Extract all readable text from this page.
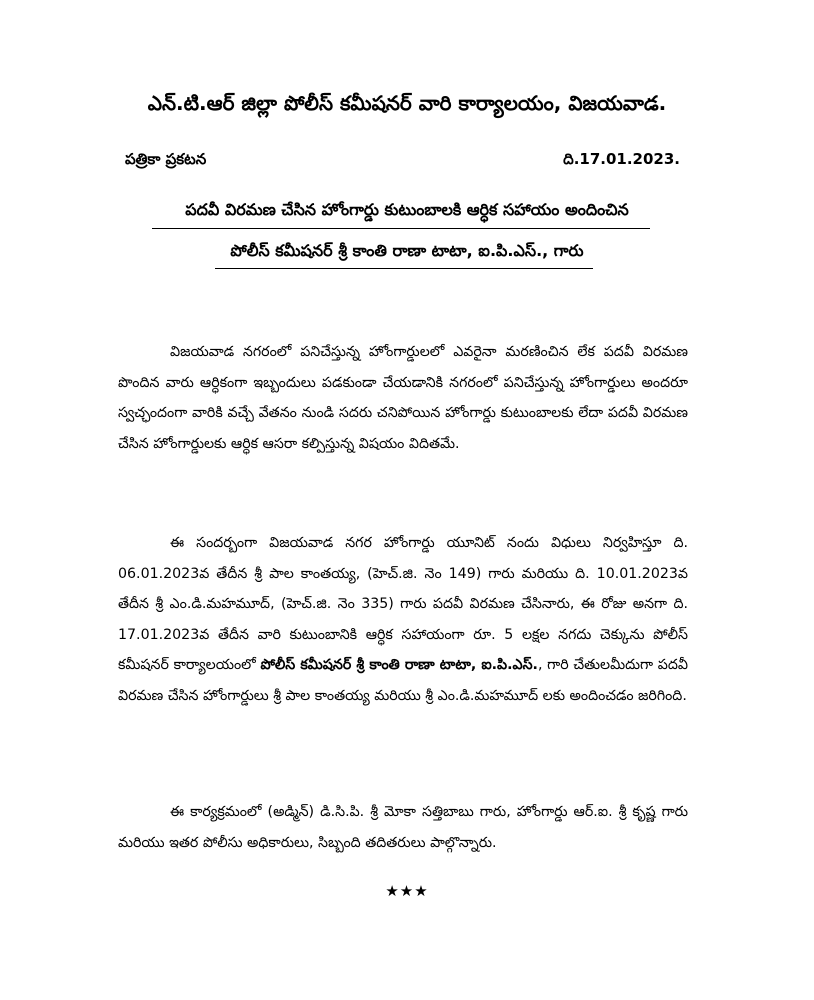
ఎన్.టి.ఆర్ జిల్లా పోలీస్ కమీషనర్ వారి కార్యాలయం, విజయవాడ.
పత్రికా ప్రకటన	ది.17.01.2023.
పదవీ విరమణ చేసిన హోంగార్డు కుటుంబాలకి ఆర్ధిక సహాయం అందించిన
పోలీస్ కమీషనర్ శ్రీ కాంతి రాణా టాటా, ఐ.పి.ఎస్., గారు
విజయవాడ నగరంలో పనిచేస్తున్న హోంగార్డులలో ఎవరైనా మరణించిన లేక పదవీ విరమణ పొందిన వారు ఆర్ధికంగా ఇబ్బందులు పడకుండా చేయడానికి నగరంలో పనిచేస్తున్న హోంగార్డులు అందరూ స్వచ్ఛందంగా వారికి వచ్చే వేతనం నుండి సదరు చనిపోయిన హోంగార్డు కుటుంబాలకు లేదా పదవీ విరమణ చేసిన హోంగార్డులకు ఆర్ధిక ఆసరా కల్పిస్తున్న విషయం విదితమే.
ఈ సందర్బంగా విజయవాడ నగర హోంగార్డు యూనిట్ నందు విధులు నిర్వహిస్తూ ది. 06.01.2023వ తేదీన శ్రీ పాల కాంతయ్య, (హెచ్.జి. నెం 149) గారు మరియు ది. 10.01.2023వ తేదీన శ్రీ ఎం.డి.మహమూద్, (హెచ్.జి. నెం 335) గారు పదవీ విరమణ చేసినారు, ఈ రోజు అనగా ది. 17.01.2023వ తేదీన వారి కుటుంబానికి ఆర్ధిక సహాయంగా రూ. 5 లక్షల నగదు చెక్కును పోలీస్ కమీషనర్ కార్యాలయంలో పోలీస్ కమీషనర్ శ్రీ కాంతి రాణా టాటా, ఐ.పి.ఎస్., గారి చేతులమీదుగా పదవీ విరమణ చేసిన హోంగార్డులు శ్రీ పాల కాంతయ్య మరియు శ్రీ ఎం.డి.మహమూద్ లకు అందించడం జరిగింది.
ఈ కార్యక్రమంలో (అడ్మిన్) డి.సి.పి. శ్రీ మోకా సత్తిబాబు గారు, హోంగార్డు ఆర్.ఐ. శ్రీ కృష్ణ గారు మరియు ఇతర పోలీసు అధికారులు, సిబ్బంది తదితరులు పాల్గొన్నారు.
★★★
